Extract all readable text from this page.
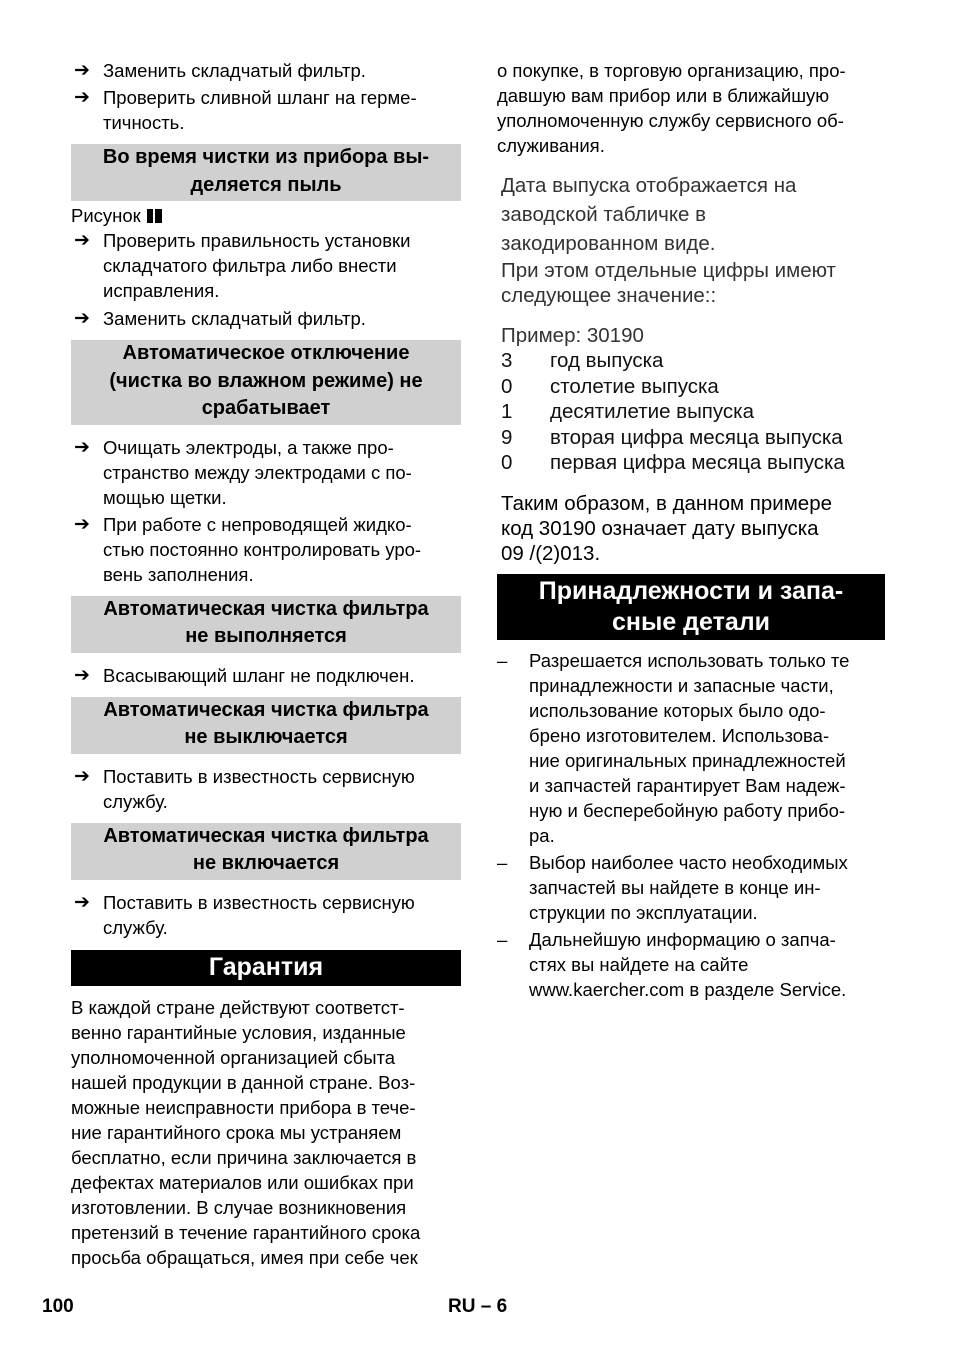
➔ Заменить складчатый фильтр.
➔ Проверить сливной шланг на герме-
тичность.
Во время чистки из прибора вы-
деляется пыль
Рисунок
➔ Проверить правильность установки
складчатого фильтра либо внести
исправления.
➔ Заменить складчатый фильтр.
Автоматическое отключение
(чистка во влажном режиме) не
срабатывает
➔ Очищать электроды, а также про-
странство между электродами с по-
мощью щетки.
➔ При работе с непроводящей жидко-
стью постоянно контролировать уро-
вень заполнения.
Автоматическая чистка фильтра
не выполняется
➔ Всасывающий шланг не подключен.
Автоматическая чистка фильтра
не выключается
➔ Поставить в известность сервисную
службу.
Автоматическая чистка фильтра
не включается
➔ Поставить в известность сервисную
службу.
Гарантия
В каждой стране действуют соответст-
венно гарантийные условия, изданные
уполномоченной организацией сбыта
нашей продукции в данной стране. Воз-
можные неисправности прибора в тече-
ние гарантийного срока мы устраняем
бесплатно, если причина заключается в
дефектах материалов или ошибках при
изготовлении. В случае возникновения
претензий в течение гарантийного срока
просьба обращаться, имея при себе чек
о покупке, в торговую организацию, про-
давшую вам прибор или в ближайшую
уполномоченную службу сервисного об-
служивания.
Дата выпуска отображается на
заводской табличке в
закодированном виде.
При этом отдельные цифры имеют
следующее значение::
Пример: 30190
3	год выпуска
0	столетие выпуска
1	десятилетие выпуска
9	вторая цифра месяца выпуска
0	первая цифра месяца выпуска
Таким образом, в данном примере
код 30190 означает дату выпуска
09 /(2)013.
Принадлежности и запа-
сные детали
– Разрешается использовать только те
принадлежности и запасные части,
использование которых было одо-
брено изготовителем. Использова-
ние оригинальных принадлежностей
и запчастей гарантирует Вам надеж-
ную и бесперебойную работу прибо-
ра.
– Выбор наиболее часто необходимых
запчастей вы найдете в конце ин-
струкции по эксплуатации.
– Дальнейшую информацию о запча-
стях вы найдете на сайте
www.kaercher.com в разделе Service.
100	RU – 6
